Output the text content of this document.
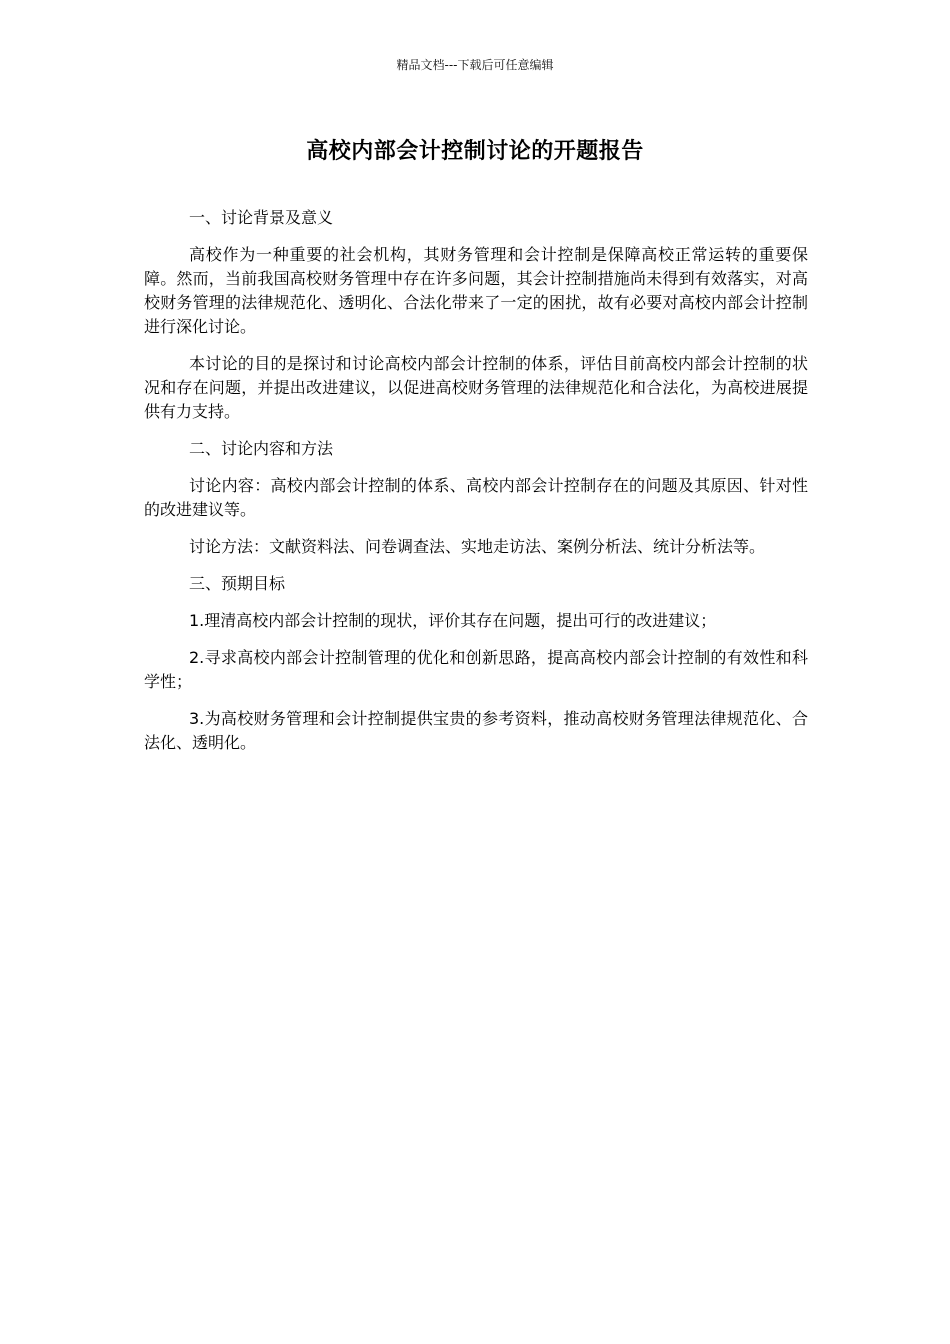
精品文档---下载后可任意编辑
高校内部会计控制讨论的开题报告

一、讨论背景及意义

高校作为一种重要的社会机构，其财务管理和会计控制是保障高校正常运转的重要保障。然而，当前我国高校财务管理中存在许多问题，其会计控制措施尚未得到有效落实，对高校财务管理的法律规范化、透明化、合法化带来了一定的困扰，故有必要对高校内部会计控制进行深化讨论。

本讨论的目的是探讨和讨论高校内部会计控制的体系，评估目前高校内部会计控制的状况和存在问题，并提出改进建议，以促进高校财务管理的法律规范化和合法化，为高校进展提供有力支持。

二、讨论内容和方法

讨论内容：高校内部会计控制的体系、高校内部会计控制存在的问题及其原因、针对性的改进建议等。

讨论方法：文献资料法、问卷调查法、实地走访法、案例分析法、统计分析法等。

三、预期目标

1.理清高校内部会计控制的现状，评价其存在问题，提出可行的改进建议；

2.寻求高校内部会计控制管理的优化和创新思路，提高高校内部会计控制的有效性和科学性；

3.为高校财务管理和会计控制提供宝贵的参考资料，推动高校财务管理法律规范化、合法化、透明化。
